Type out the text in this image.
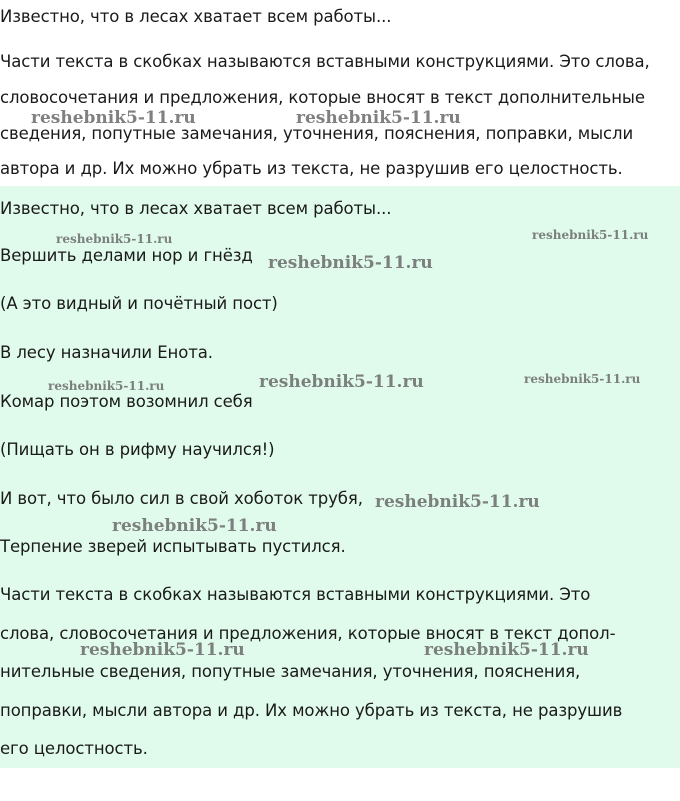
Известно, что в лесах хватает всем работы...

Части текста в скобках называются вставными конструкциями. Это слова,

словосочетания и предложения, которые вносят в текст дополнительные

сведения, попутные замечания, уточнения, пояснения, поправки, мысли

автора и др. Их можно убрать из текста, не разрушив его целостность.

Известно, что в лесах хватает всем работы...

Вершить делами нор и гнёзд

(А это видный и почётный пост)

В лесу назначили Енота.

Комар поэтом возомнил себя

(Пищать он в рифму научился!)

И вот, что было сил в свой хоботок трубя,

Терпение зверей испытывать пустился.

Части текста в скобках называются вставными конструкциями. Это

слова, словосочетания и предложения, которые вносят в текст допол-

нительные сведения, попутные замечания, уточнения, пояснения,

поправки, мысли автора и др. Их можно убрать из текста, не разрушив

его целостность.

reshebnik5-11.ru	reshebnik5-11.ru
reshebnik5-11.ru	reshebnik5-11.ru
reshebnik5-11.ru
reshebnik5-11.ru	reshebnik5-11.ru	reshebnik5-11.ru
reshebnik5-11.ru
reshebnik5-11.ru
reshebnik5-11.ru	reshebnik5-11.ru
